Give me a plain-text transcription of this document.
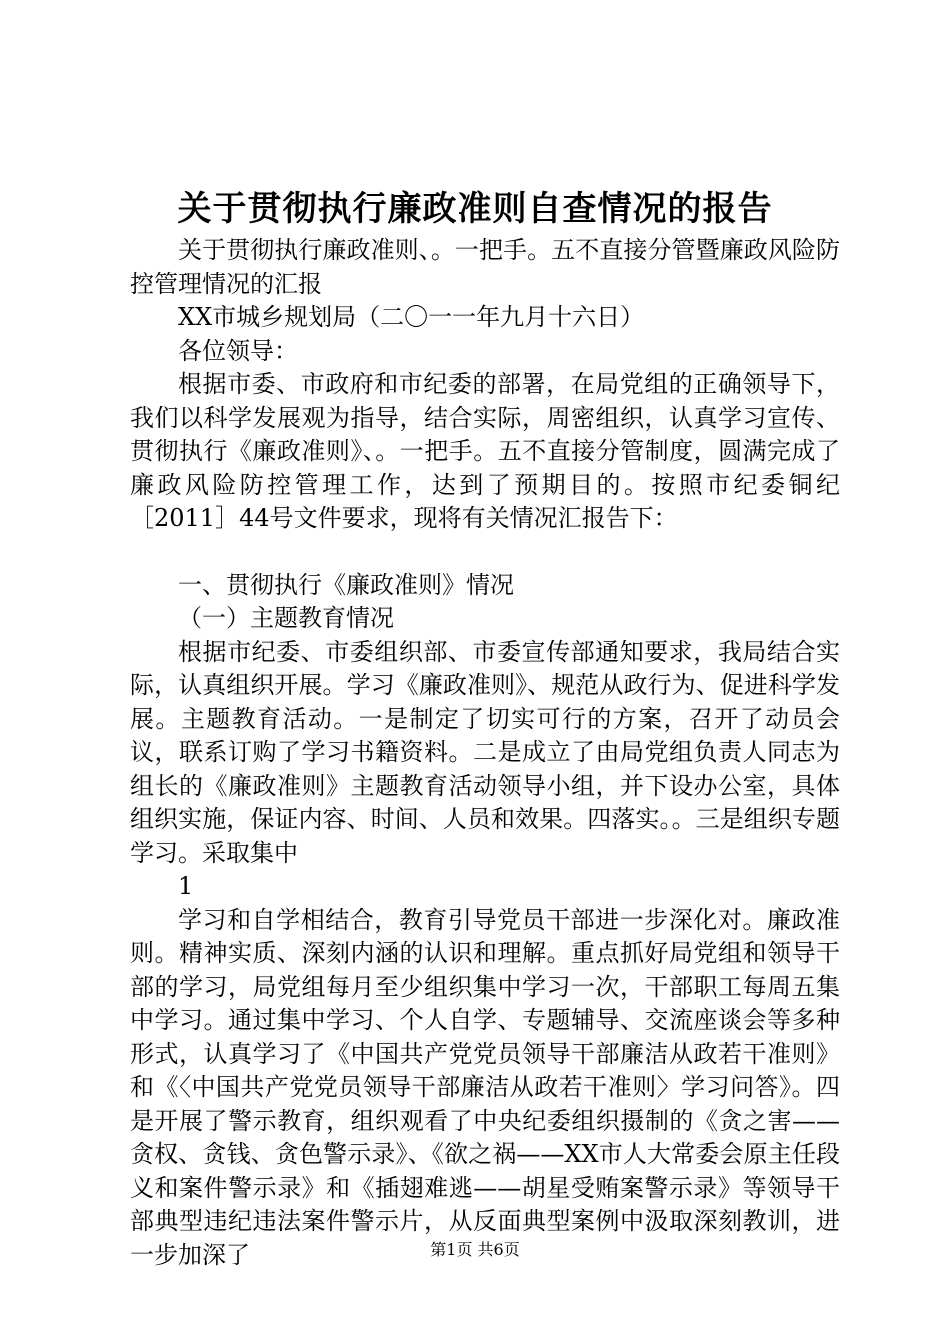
关于贯彻执行廉政准则自查情况的报告

关于贯彻执行廉政准则、。一把手。五不直接分管暨廉政风险防控管理情况的汇报

XX市城乡规划局（二〇一一年九月十六日）

各位领导：

根据市委、市政府和市纪委的部署，在局党组的正确领导下，我们以科学发展观为指导，结合实际，周密组织，认真学习宣传、贯彻执行《廉政准则》、。一把手。五不直接分管制度，圆满完成了廉政风险防控管理工作，达到了预期目的。按照市纪委铜纪［2011］44号文件要求，现将有关情况汇报告下：

一、贯彻执行《廉政准则》情况

（一）主题教育情况

根据市纪委、市委组织部、市委宣传部通知要求，我局结合实际，认真组织开展。学习《廉政准则》、规范从政行为、促进科学发展。主题教育活动。一是制定了切实可行的方案，召开了动员会议，联系订购了学习书籍资料。二是成立了由局党组负责人同志为组长的《廉政准则》主题教育活动领导小组，并下设办公室，具体组织实施，保证内容、时间、人员和效果。四落实。。三是组织专题学习。采取集中

1

学习和自学相结合，教育引导党员干部进一步深化对。廉政准则。精神实质、深刻内涵的认识和理解。重点抓好局党组和领导干部的学习，局党组每月至少组织集中学习一次，干部职工每周五集中学习。通过集中学习、个人自学、专题辅导、交流座谈会等多种形式，认真学习了《中国共产党党员领导干部廉洁从政若干准则》和《〈中国共产党党员领导干部廉洁从政若干准则〉学习问答》。四是开展了警示教育，组织观看了中央纪委组织摄制的《贪之害——贪权、贪钱、贪色警示录》、《欲之祸——XX市人大常委会原主任段义和案件警示录》和《插翅难逃——胡星受贿案警示录》等领导干部典型违纪违法案件警示片，从反面典型案例中汲取深刻教训，进一步加深了	第1页 共6页
